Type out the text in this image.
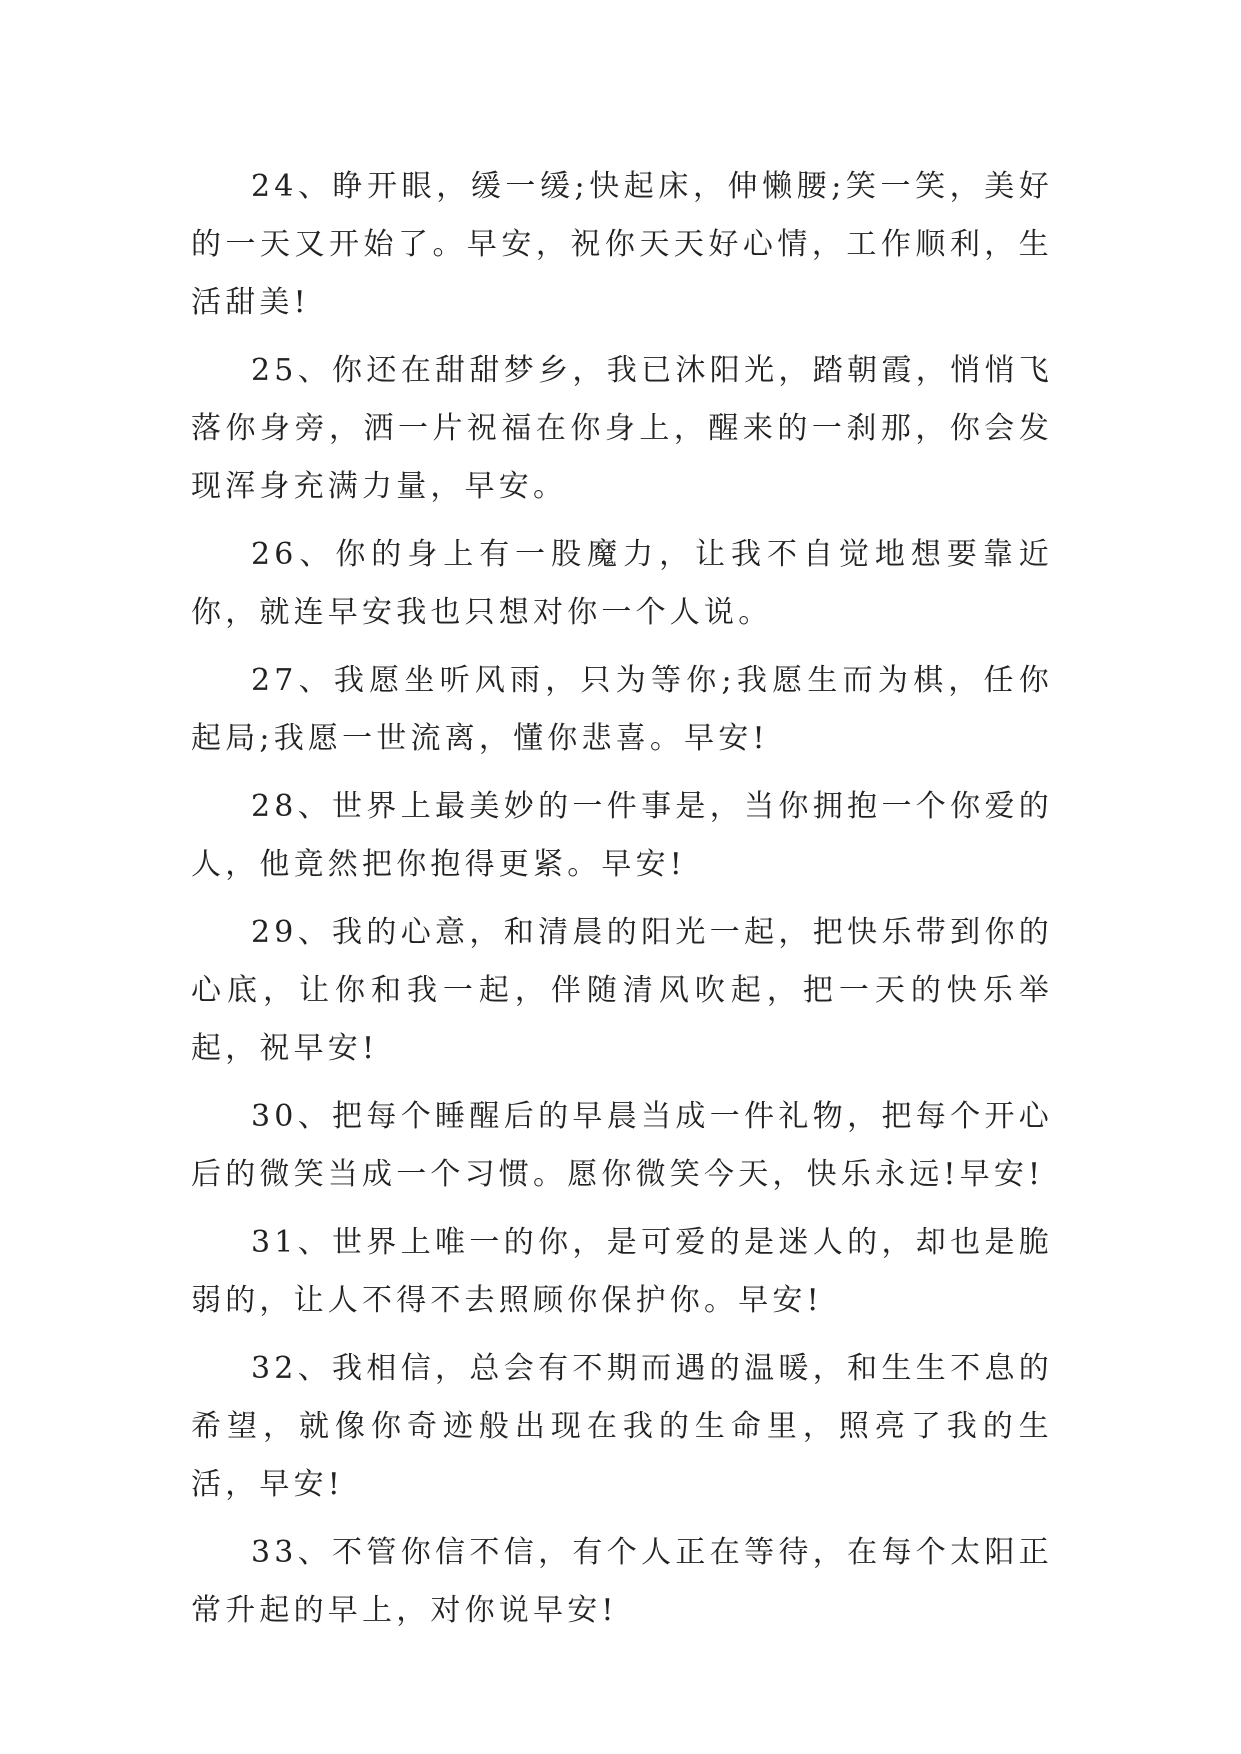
24、睁开眼，缓一缓;快起床，伸懒腰;笑一笑，美好的一天又开始了。早安，祝你天天好心情，工作顺利，生活甜美!

25、你还在甜甜梦乡，我已沐阳光，踏朝霞，悄悄飞落你身旁，洒一片祝福在你身上，醒来的一刹那，你会发现浑身充满力量，早安。

26、你的身上有一股魔力，让我不自觉地想要靠近你，就连早安我也只想对你一个人说。

27、我愿坐听风雨，只为等你;我愿生而为棋，任你起局;我愿一世流离，懂你悲喜。早安!

28、世界上最美妙的一件事是，当你拥抱一个你爱的人，他竟然把你抱得更紧。早安!

29、我的心意，和清晨的阳光一起，把快乐带到你的心底，让你和我一起，伴随清风吹起，把一天的快乐举起，祝早安!

30、把每个睡醒后的早晨当成一件礼物，把每个开心后的微笑当成一个习惯。愿你微笑今天，快乐永远!早安!

31、世界上唯一的你，是可爱的是迷人的，却也是脆弱的，让人不得不去照顾你保护你。早安!

32、我相信，总会有不期而遇的温暖，和生生不息的希望，就像你奇迹般出现在我的生命里，照亮了我的生活，早安!

33、不管你信不信，有个人正在等待，在每个太阳正常升起的早上，对你说早安!
